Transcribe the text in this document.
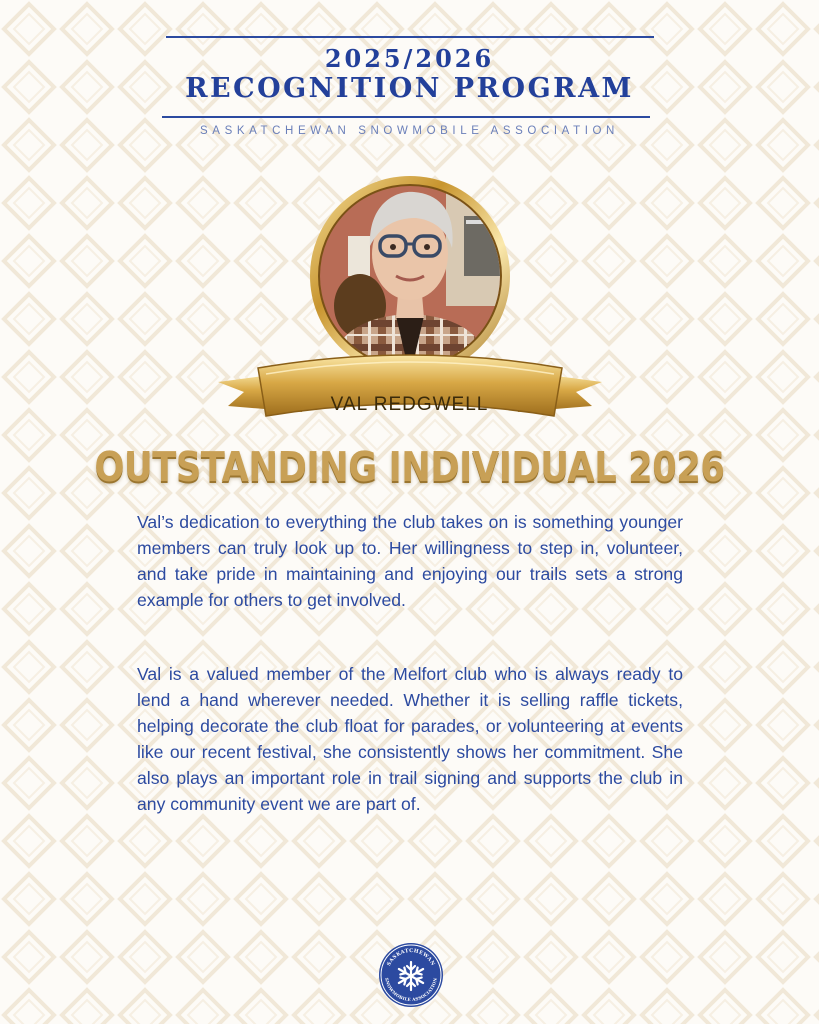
2025/2026
RECOGNITION PROGRAM
SASKATCHEWAN SNOWMOBILE ASSOCIATION
VAL REDGWELL
OUTSTANDING INDIVIDUAL 2026

Val’s dedication to everything the club takes on is something younger members can truly look up to. Her willingness to step in, volunteer, and take pride in maintaining and enjoying our trails sets a strong example for others to get involved.

Val is a valued member of the Melfort club who is always ready to lend a hand wherever needed. Whether it is selling raffle tickets, helping decorate the club float for parades, or volunteering at events like our recent festival, she consistently shows her commitment. She also plays an important role in trail signing and supports the club in any community event we are part of.

SASKATCHEWAN
SNOWMOBILE ASSOCIATION
